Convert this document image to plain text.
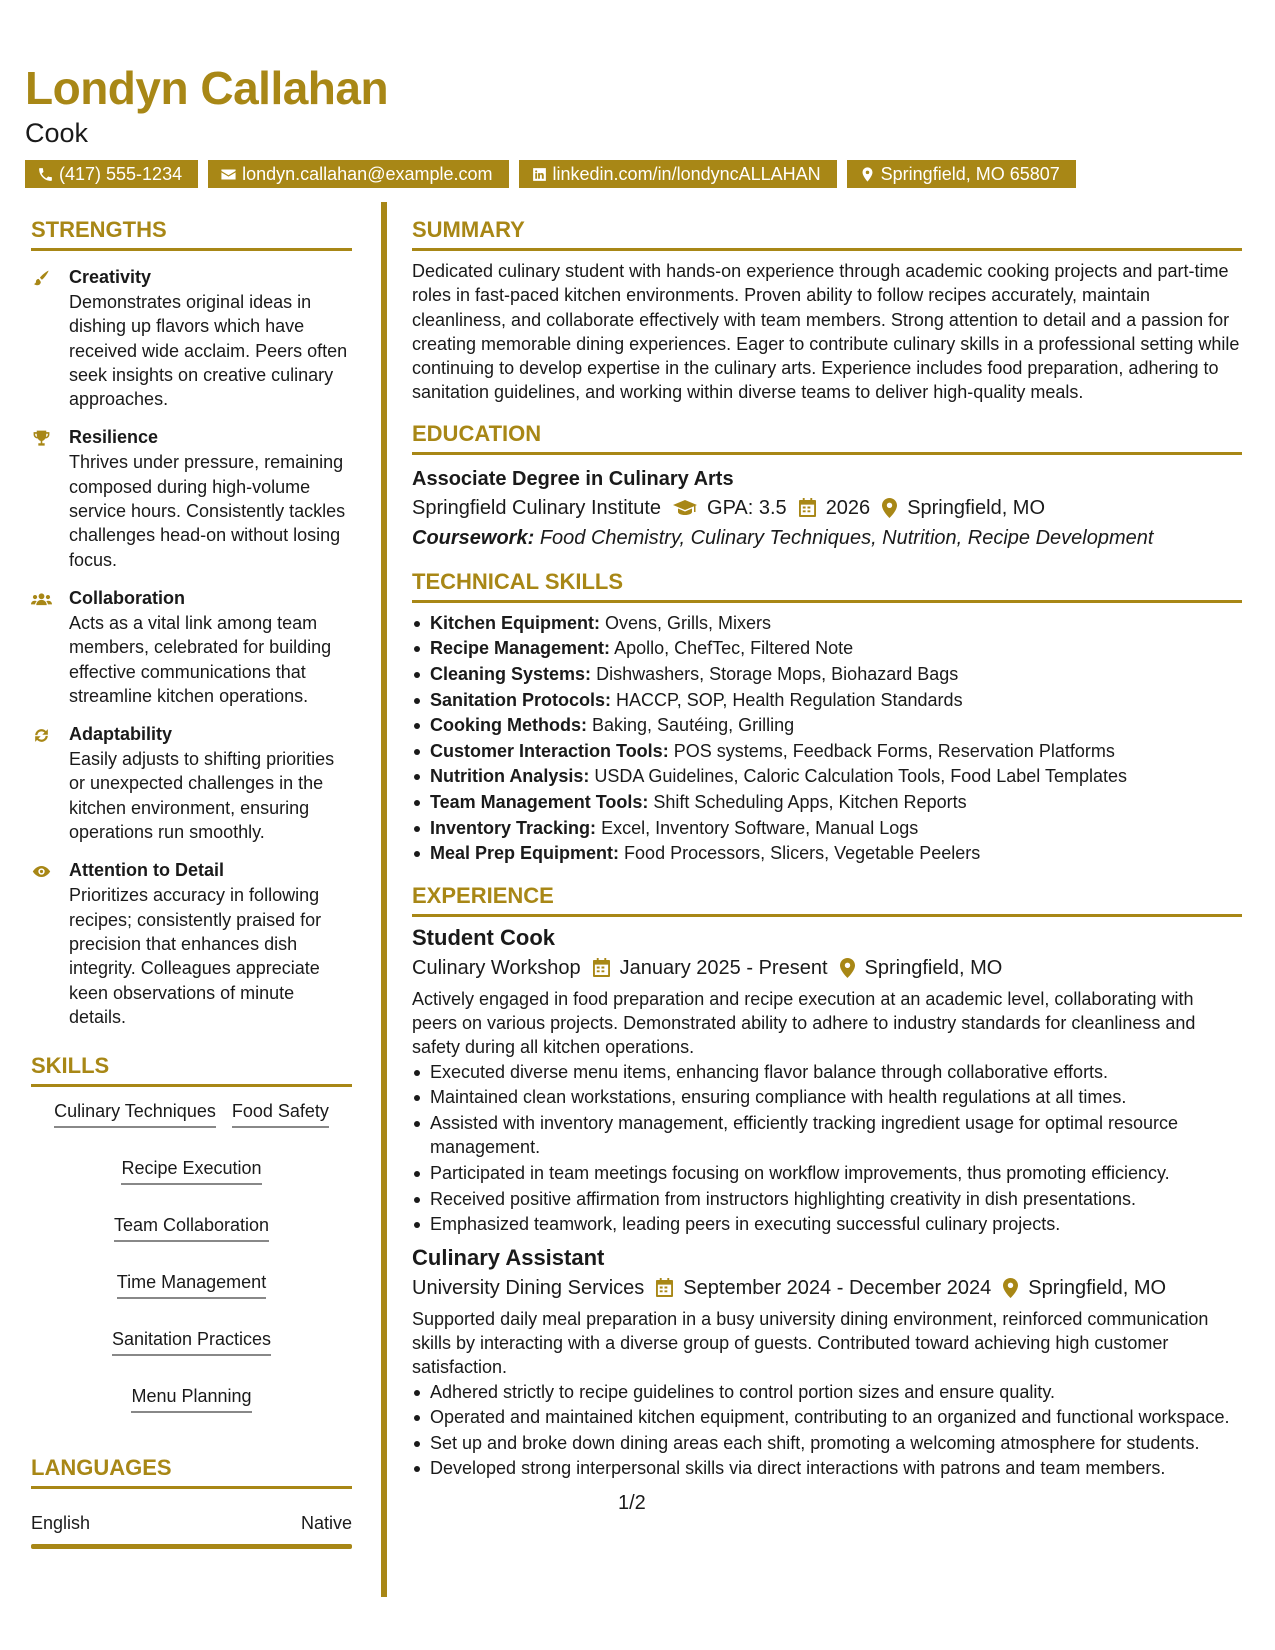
Londyn Callahan
Cook
(417) 555-1234	londyn.callahan@example.com	linkedin.com/in/londyncALLAHAN	Springfield, MO 65807
STRENGTHS
Creativity
Demonstrates original ideas in dishing up flavors which have received wide acclaim. Peers often seek insights on creative culinary approaches.
Resilience
Thrives under pressure, remaining composed during high-volume service hours. Consistently tackles challenges head-on without losing focus.
Collaboration
Acts as a vital link among team members, celebrated for building effective communications that streamline kitchen operations.
Adaptability
Easily adjusts to shifting priorities or unexpected challenges in the kitchen environment, ensuring operations run smoothly.
Attention to Detail
Prioritizes accuracy in following recipes; consistently praised for precision that enhances dish integrity. Colleagues appreciate keen observations of minute details.
SKILLS
Culinary Techniques Food Safety
Recipe Execution
Team Collaboration
Time Management
Sanitation Practices
Menu Planning
LANGUAGES
English	Native
SUMMARY
Dedicated culinary student with hands-on experience through academic cooking projects and part-time roles in fast-paced kitchen environments. Proven ability to follow recipes accurately, maintain cleanliness, and collaborate effectively with team members. Strong attention to detail and a passion for creating memorable dining experiences. Eager to contribute culinary skills in a professional setting while continuing to develop expertise in the culinary arts. Experience includes food preparation, adhering to sanitation guidelines, and working within diverse teams to deliver high-quality meals.
EDUCATION
Associate Degree in Culinary Arts
Springfield Culinary Institute GPA: 3.5 2026 Springfield, MO
Coursework: Food Chemistry, Culinary Techniques, Nutrition, Recipe Development
TECHNICAL SKILLS
Kitchen Equipment: Ovens, Grills, Mixers
Recipe Management: Apollo, ChefTec, Filtered Note
Cleaning Systems: Dishwashers, Storage Mops, Biohazard Bags
Sanitation Protocols: HACCP, SOP, Health Regulation Standards
Cooking Methods: Baking, Sautéing, Grilling
Customer Interaction Tools: POS systems, Feedback Forms, Reservation Platforms
Nutrition Analysis: USDA Guidelines, Caloric Calculation Tools, Food Label Templates
Team Management Tools: Shift Scheduling Apps, Kitchen Reports
Inventory Tracking: Excel, Inventory Software, Manual Logs
Meal Prep Equipment: Food Processors, Slicers, Vegetable Peelers
EXPERIENCE
Student Cook
Culinary Workshop January 2025 - Present Springfield, MO
Actively engaged in food preparation and recipe execution at an academic level, collaborating with peers on various projects. Demonstrated ability to adhere to industry standards for cleanliness and safety during all kitchen operations.
Executed diverse menu items, enhancing flavor balance through collaborative efforts.
Maintained clean workstations, ensuring compliance with health regulations at all times.
Assisted with inventory management, efficiently tracking ingredient usage for optimal resource management.
Participated in team meetings focusing on workflow improvements, thus promoting efficiency.
Received positive affirmation from instructors highlighting creativity in dish presentations.
Emphasized teamwork, leading peers in executing successful culinary projects.
Culinary Assistant
University Dining Services September 2024 - December 2024 Springfield, MO
Supported daily meal preparation in a busy university dining environment, reinforced communication skills by interacting with a diverse group of guests. Contributed toward achieving high customer satisfaction.
Adhered strictly to recipe guidelines to control portion sizes and ensure quality.
Operated and maintained kitchen equipment, contributing to an organized and functional workspace.
Set up and broke down dining areas each shift, promoting a welcoming atmosphere for students.
Developed strong interpersonal skills via direct interactions with patrons and team members.
1/2
